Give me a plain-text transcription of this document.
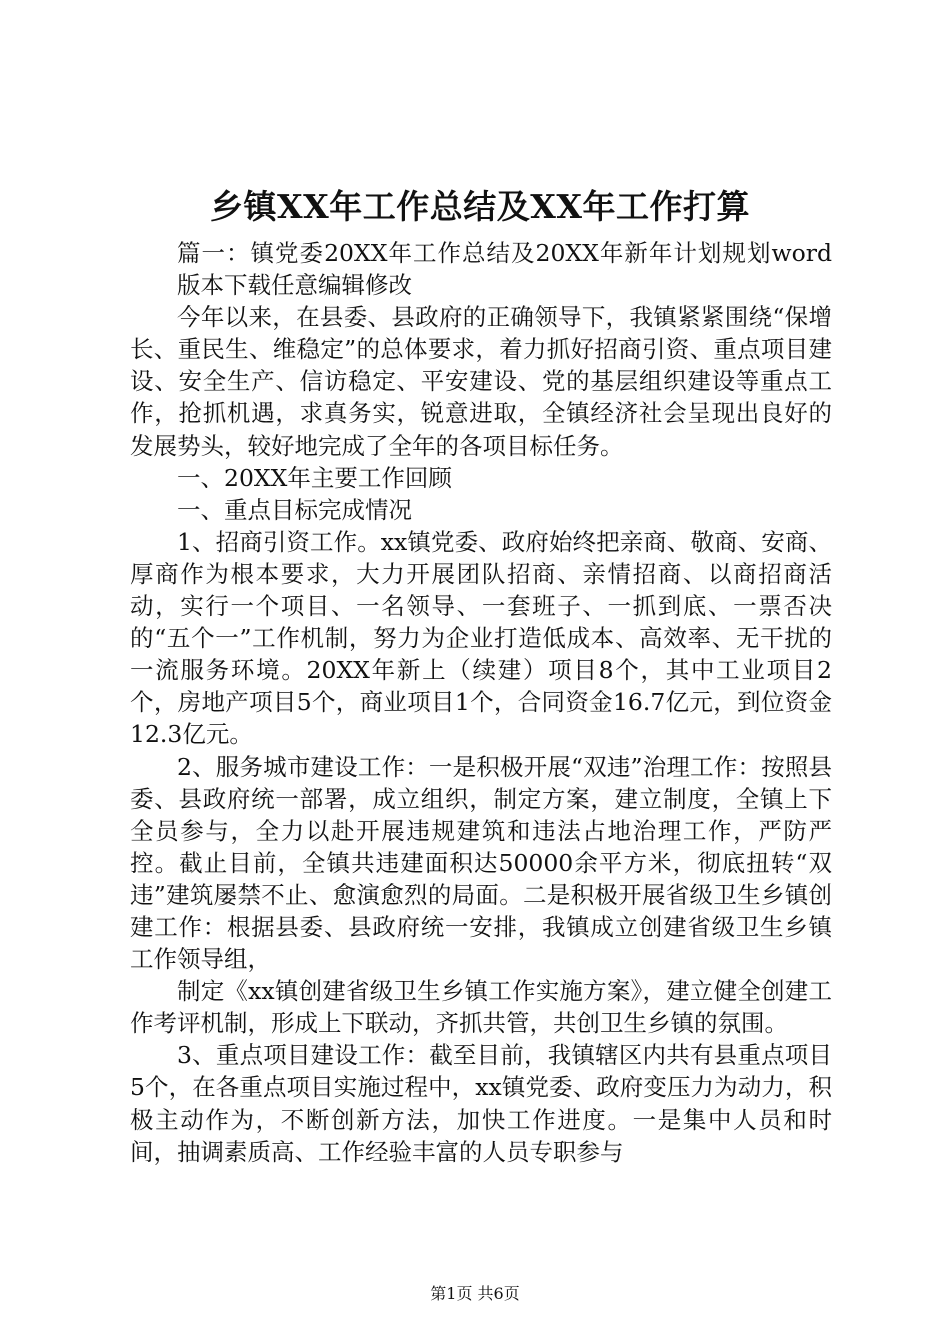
乡镇XX年工作总结及XX年工作打算

篇一：镇党委20XX年工作总结及20XX年新年计划规划word版本下载任意编辑修改

今年以来，在县委、县政府的正确领导下，我镇紧紧围绕“保增长、重民生、维稳定”的总体要求，着力抓好招商引资、重点项目建设、安全生产、信访稳定、平安建设、党的基层组织建设等重点工作，抢抓机遇，求真务实，锐意进取，全镇经济社会呈现出良好的发展势头，较好地完成了全年的各项目标任务。

一、20XX年主要工作回顾

一、重点目标完成情况

1、招商引资工作。xx镇党委、政府始终把亲商、敬商、安商、厚商作为根本要求，大力开展团队招商、亲情招商、以商招商活动，实行一个项目、一名领导、一套班子、一抓到底、一票否决的“五个一”工作机制，努力为企业打造低成本、高效率、无干扰的一流服务环境。20XX年新上（续建）项目8个，其中工业项目2个，房地产项目5个，商业项目1个，合同资金16.7亿元，到位资金12.3亿元。

2、服务城市建设工作：一是积极开展“双违”治理工作：按照县委、县政府统一部署，成立组织，制定方案，建立制度，全镇上下全员参与，全力以赴开展违规建筑和违法占地治理工作，严防严控。截止目前，全镇共违建面积达50000余平方米，彻底扭转“双违”建筑屡禁不止、愈演愈烈的局面。二是积极开展省级卫生乡镇创建工作：根据县委、县政府统一安排，我镇成立创建省级卫生乡镇工作领导组，

制定《xx镇创建省级卫生乡镇工作实施方案》，建立健全创建工作考评机制，形成上下联动，齐抓共管，共创卫生乡镇的氛围。

3、重点项目建设工作：截至目前，我镇辖区内共有县重点项目5个，在各重点项目实施过程中，xx镇党委、政府变压力为动力，积极主动作为，不断创新方法，加快工作进度。一是集中人员和时间，抽调素质高、工作经验丰富的人员专职参与

第1页 共6页
